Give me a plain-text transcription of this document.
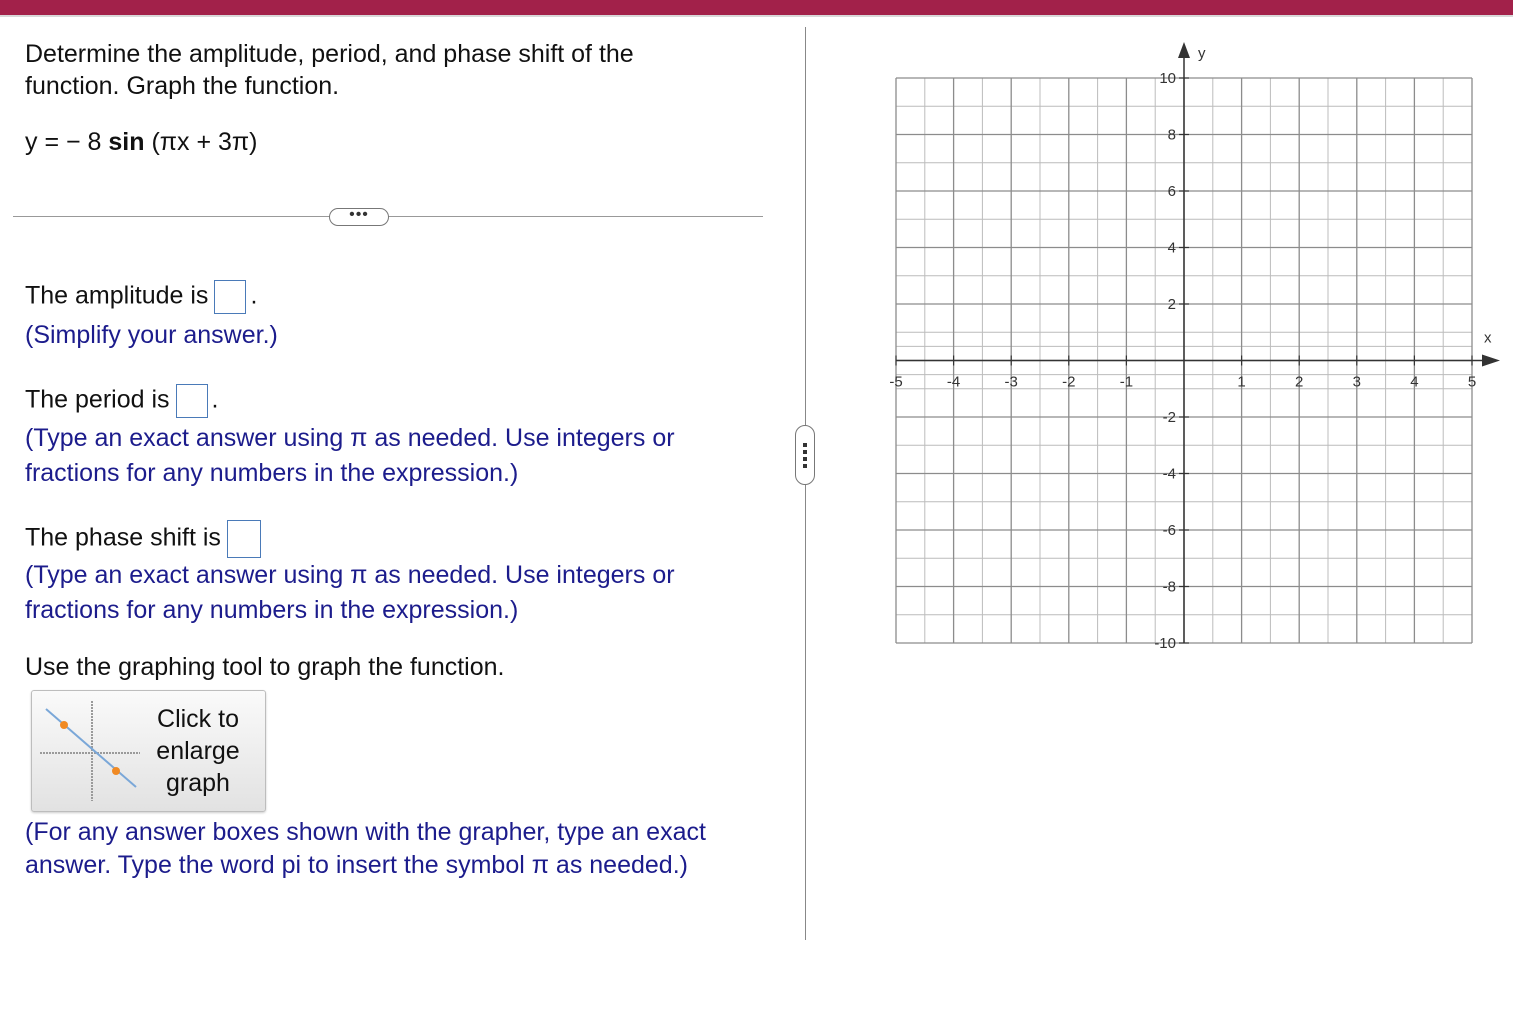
Determine the amplitude, period, and phase shift of the function. Graph the function.
y = − 8 sin (πx + 3π)
•••
The amplitude is .
(Simplify your answer.)
The period is .
(Type an exact answer using π as needed. Use integers or fractions for any numbers in the expression.)
The phase shift is
(Type an exact answer using π as needed. Use integers or fractions for any numbers in the expression.)
Use the graphing tool to graph the function.
Click to enlarge graph
(For any answer boxes shown with the grapher, type an exact answer. Type the word pi to insert the symbol π as needed.)
-5	-4	-3	-2	-1	1	2	3	4	5
10
8
6
4
2
-2
-4
-6
-8
-10
x
y
